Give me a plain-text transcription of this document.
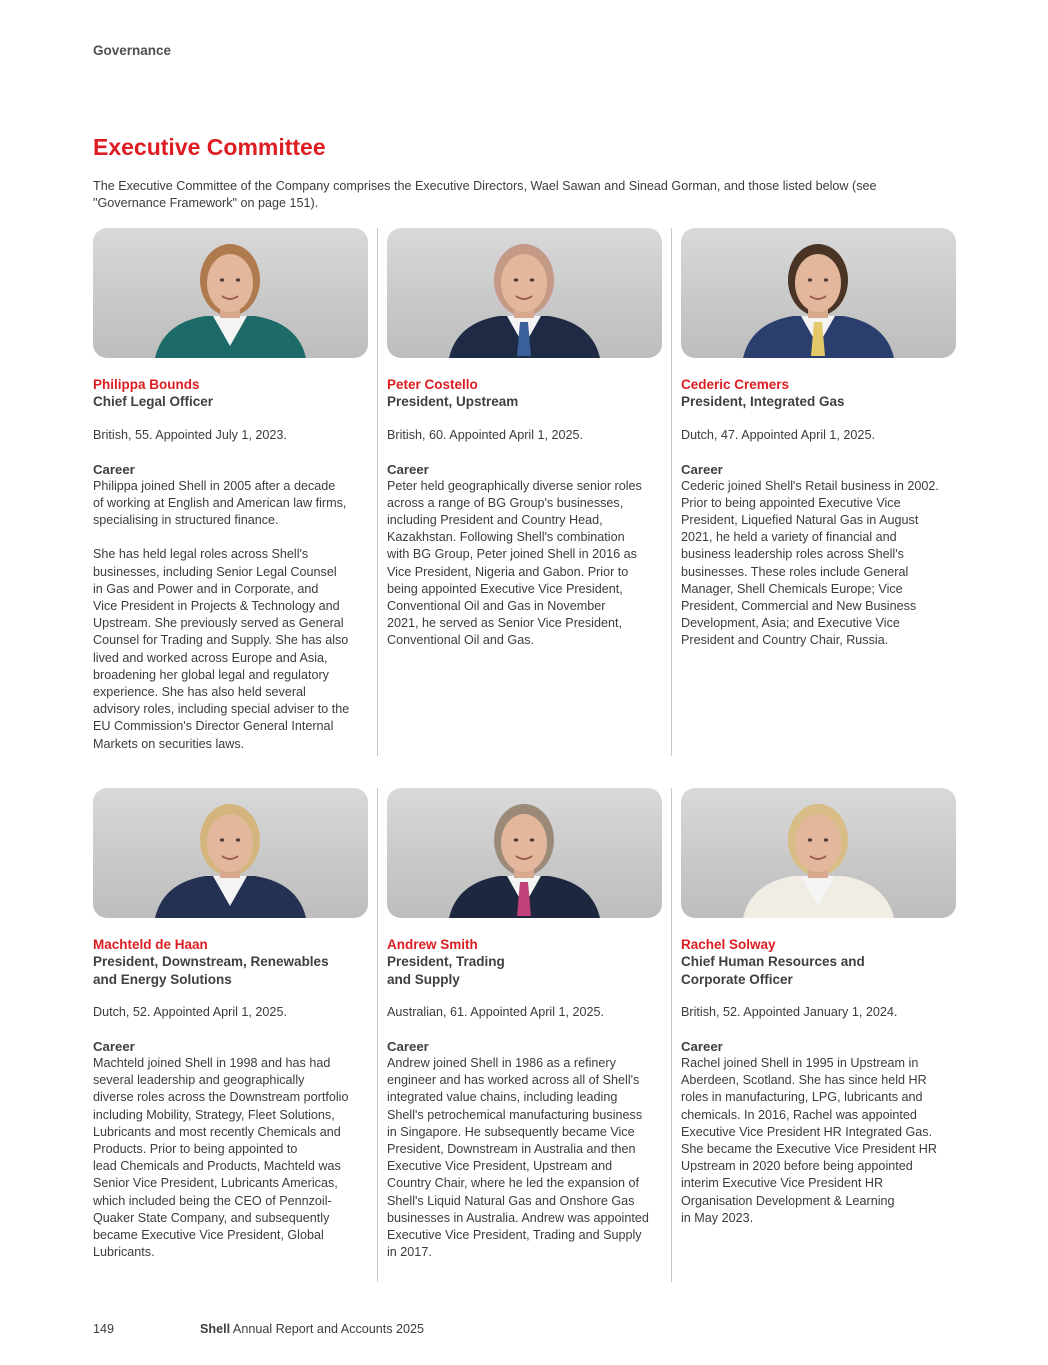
Governance
Executive Committee

The Executive Committee of the Company comprises the Executive Directors, Wael Sawan and Sinead Gorman, and those listed below (see "Governance Framework" on page 151).

Philippa Bounds
Chief Legal Officer
British, 55. Appointed July 1, 2023.
Career
Philippa joined Shell in 2005 after a decade
of working at English and American law firms,
specialising in structured finance.

She has held legal roles across Shell's
businesses, including Senior Legal Counsel
in Gas and Power and in Corporate, and
Vice President in Projects & Technology and
Upstream. She previously served as General
Counsel for Trading and Supply. She has also
lived and worked across Europe and Asia,
broadening her global legal and regulatory
experience. She has also held several
advisory roles, including special adviser to the
EU Commission's Director General Internal
Markets on securities laws.
Peter Costello
President, Upstream
British, 60. Appointed April 1, 2025.
Career
Peter held geographically diverse senior roles
across a range of BG Group's businesses,
including President and Country Head,
Kazakhstan. Following Shell's combination
with BG Group, Peter joined Shell in 2016 as
Vice President, Nigeria and Gabon. Prior to
being appointed Executive Vice President,
Conventional Oil and Gas in November
2021, he served as Senior Vice President,
Conventional Oil and Gas.
Cederic Cremers
President, Integrated Gas
Dutch, 47. Appointed April 1, 2025.
Career
Cederic joined Shell's Retail business in 2002.
Prior to being appointed Executive Vice
President, Liquefied Natural Gas in August
2021, he held a variety of financial and
business leadership roles across Shell's
businesses. These roles include General
Manager, Shell Chemicals Europe; Vice
President, Commercial and New Business
Development, Asia; and Executive Vice
President and Country Chair, Russia.
Machteld de Haan
President, Downstream, Renewables
and Energy Solutions
Dutch, 52. Appointed April 1, 2025.
Career
Machteld joined Shell in 1998 and has had
several leadership and geographically
diverse roles across the Downstream portfolio
including Mobility, Strategy, Fleet Solutions,
Lubricants and most recently Chemicals and
Products. Prior to being appointed to
lead Chemicals and Products, Machteld was
Senior Vice President, Lubricants Americas,
which included being the CEO of Pennzoil-
Quaker State Company, and subsequently
became Executive Vice President, Global
Lubricants.
Andrew Smith
President, Trading
and Supply
Australian, 61. Appointed April 1, 2025.
Career
Andrew joined Shell in 1986 as a refinery
engineer and has worked across all of Shell's
integrated value chains, including leading
Shell's petrochemical manufacturing business
in Singapore. He subsequently became Vice
President, Downstream in Australia and then
Executive Vice President, Upstream and
Country Chair, where he led the expansion of
Shell's Liquid Natural Gas and Onshore Gas
businesses in Australia. Andrew was appointed
Executive Vice President, Trading and Supply
in 2017.
Rachel Solway
Chief Human Resources and
Corporate Officer
British, 52. Appointed January 1, 2024.
Career
Rachel joined Shell in 1995 in Upstream in
Aberdeen, Scotland. She has since held HR
roles in manufacturing, LPG, lubricants and
chemicals. In 2016, Rachel was appointed
Executive Vice President HR Integrated Gas.
She became the Executive Vice President HR
Upstream in 2020 before being appointed
interim Executive Vice President HR
Organisation Development & Learning
in May 2023.
149	Shell Annual Report and Accounts 2025
